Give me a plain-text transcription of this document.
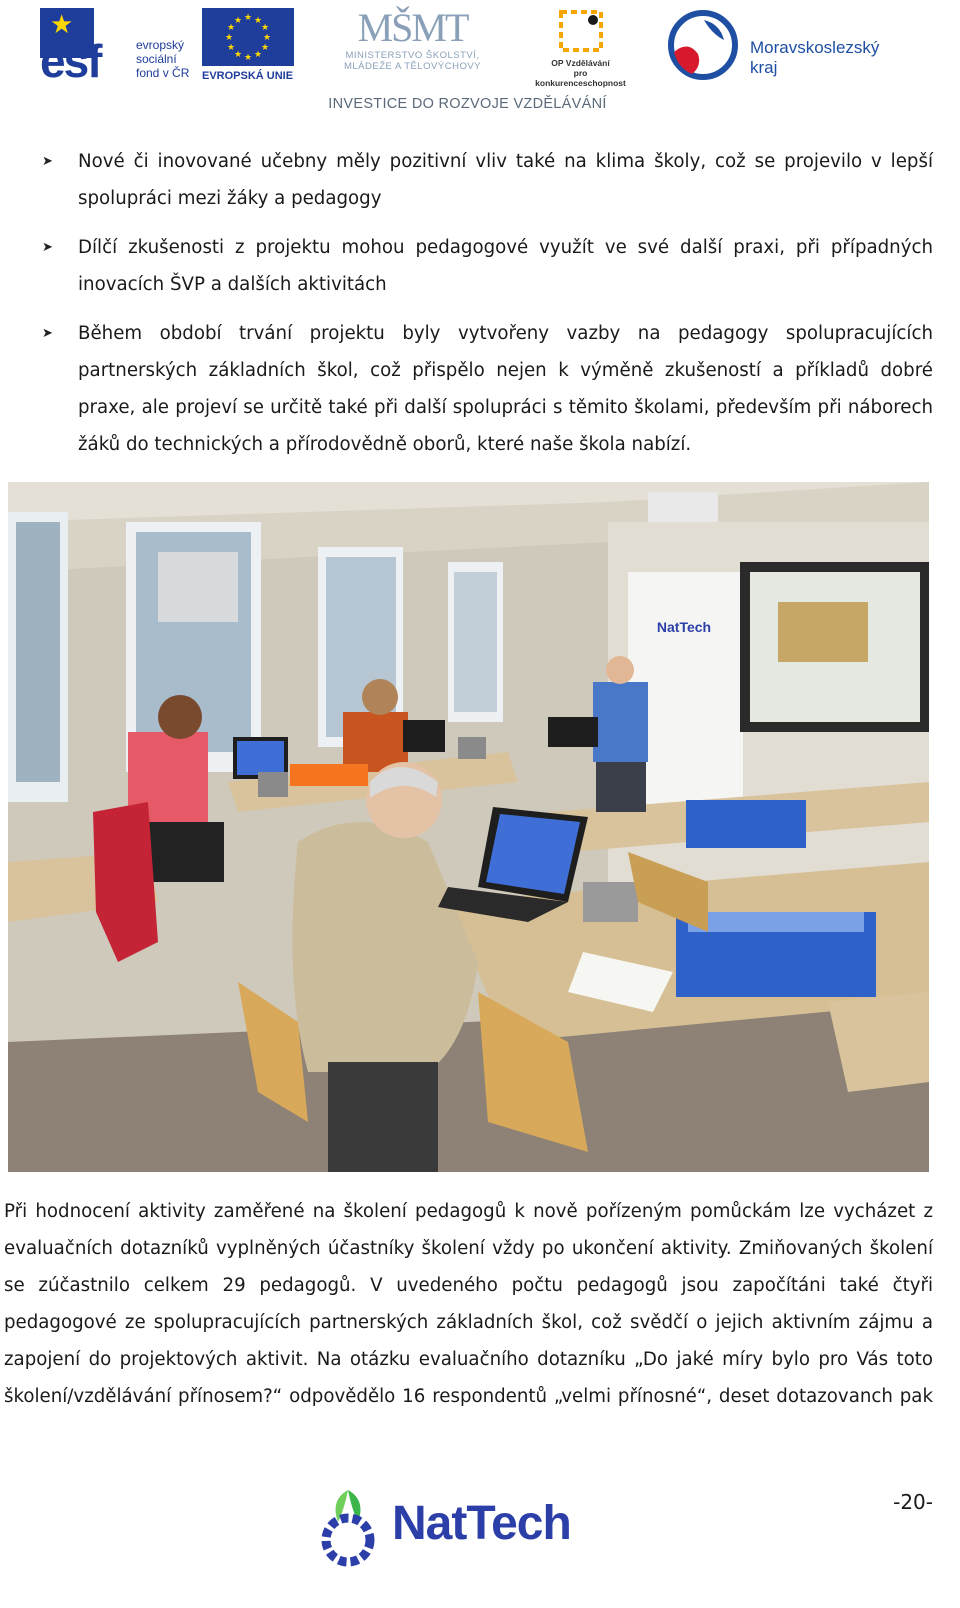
★
esf	evropský
sociální
fond v ČR
★ ★
★
★
★
★
★
★
★
★
★
★
EVROPSKÁ UNIE
MŠMT
MINISTERSTVO ŠKOLSTVÍ,
MLÁDEŽE A TĚLOVÝCHOVY	OP Vzdělávání
pro konkurenceschopnost
Moravskoslezský
kraj
INVESTICE DO ROZVOJE VZDĚLÁVÁNÍ
➤ Nové či inovované učebny měly pozitivní vliv také na klima školy, což se projevilo v lepší spolupráci mezi žáky a pedagogy
➤ Dílčí zkušenosti z projektu mohou pedagogové využít ve své další praxi, při případných inovacích ŠVP a dalších aktivitách
➤ Během období trvání projektu byly vytvořeny vazby na pedagogy spolupracujících partnerských základních škol, což přispělo nejen k výměně zkušeností a příkladů dobré praxe, ale projeví se určitě také při další spolupráci s těmito školami, především při náborech žáků do technických a přírodovědně oborů, které naše škola nabízí.
NatTech

Při hodnocení aktivity zaměřené na školení pedagogů k nově pořízeným pomůckám lze vycházet z evaluačních dotazníků vyplněných účastníky školení vždy po ukončení aktivity. Zmiňovaných školení se zúčastnilo celkem 29 pedagogů. V uvedeného počtu pedagogů jsou započítáni také čtyři pedagogové ze spolupracujících partnerských základních škol, což svědčí o jejich aktivním zájmu a zapojení do projektových aktivit. Na otázku evaluačního dotazníku „Do jaké míry bylo pro Vás toto školení/vzdělávání přínosem?“ odpovědělo 16 respondentů „velmi přínosné“, deset dotazovanch pak

NatTech	-20-
